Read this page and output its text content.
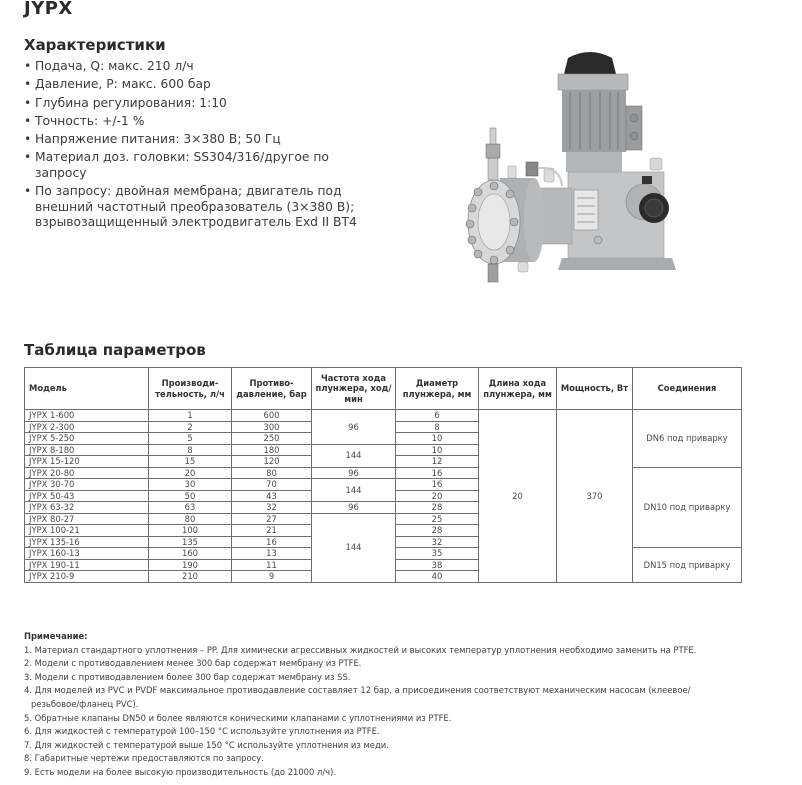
JYPX
Характеристики
• Подача, Q: макс. 210 л/ч
• Давление, P: макс. 600 бар
• Глубина регулирования: 1:10
• Точность: +/-1 %
• Напряжение питания: 3×380 В; 50 Гц
• Материал доз. головки: SS304/316/другое по запросу
• По запросу: двойная мембрана; двигатель под внешний частотный преобразователь (3×380 В); взрывозащищенный электродвигатель Exd II BT4
Таблица параметров
Модель	Производи-тельность, л/ч	Противо-давление, бар	Частота хода плунжера, ход/мин	Диаметр плунжера, мм	Длина хода плунжера, мм	Мощность, Вт	Соединения
JYPX 1-600	1	600	96	6	20	370	DN6 под приварку
JYPX 2-300	2	300		8			
JYPX 5-250	5	250		10			
JYPX 8-180	8	180	144	10			
JYPX 15-120	15	120		12			
JYPX 20-80	20	80	96	16			DN10 под приварку
JYPX 30-70	30	70	144	16			
JYPX 50-43	50	43		20			
JYPX 63-32	63	32	96	28			
JYPX 80-27	80	27	144	25			
JYPX 100-21	100	21		28			
JYPX 135-16	135	16		32			
JYPX 160-13	160	13		35			DN15 под приварку
JYPX 190-11	190	11		38			
JYPX 210-9	210	9		40			
Примечание:
1. Материал стандартного уплотнения – PP. Для химически агрессивных жидкостей и высоких температур уплотнения необходимо заменить на PTFE.
2. Модели с противодавлением менее 300 бар содержат мембрану из PTFE.
3. Модели с противодавлением более 300 бар содержат мембрану из SS.
4. Для моделей из PVC и PVDF максимальное противодавление составляет 12 бар, а присоединения соответствуют механическим насосам (клеевое/
резьбовое/фланец PVC).
5. Обратные клапаны DN50 и более являются коническими клапанами с уплотнениями из PTFE.
6. Для жидкостей с температурой 100–150 °C используйте уплотнения из PTFE.
7. Для жидкостей с температурой выше 150 °C используйте уплотнения из меди.
8. Габаритные чертежи предоставляются по запросу.
9. Есть модели на более высокую производительность (до 21000 л/ч).
